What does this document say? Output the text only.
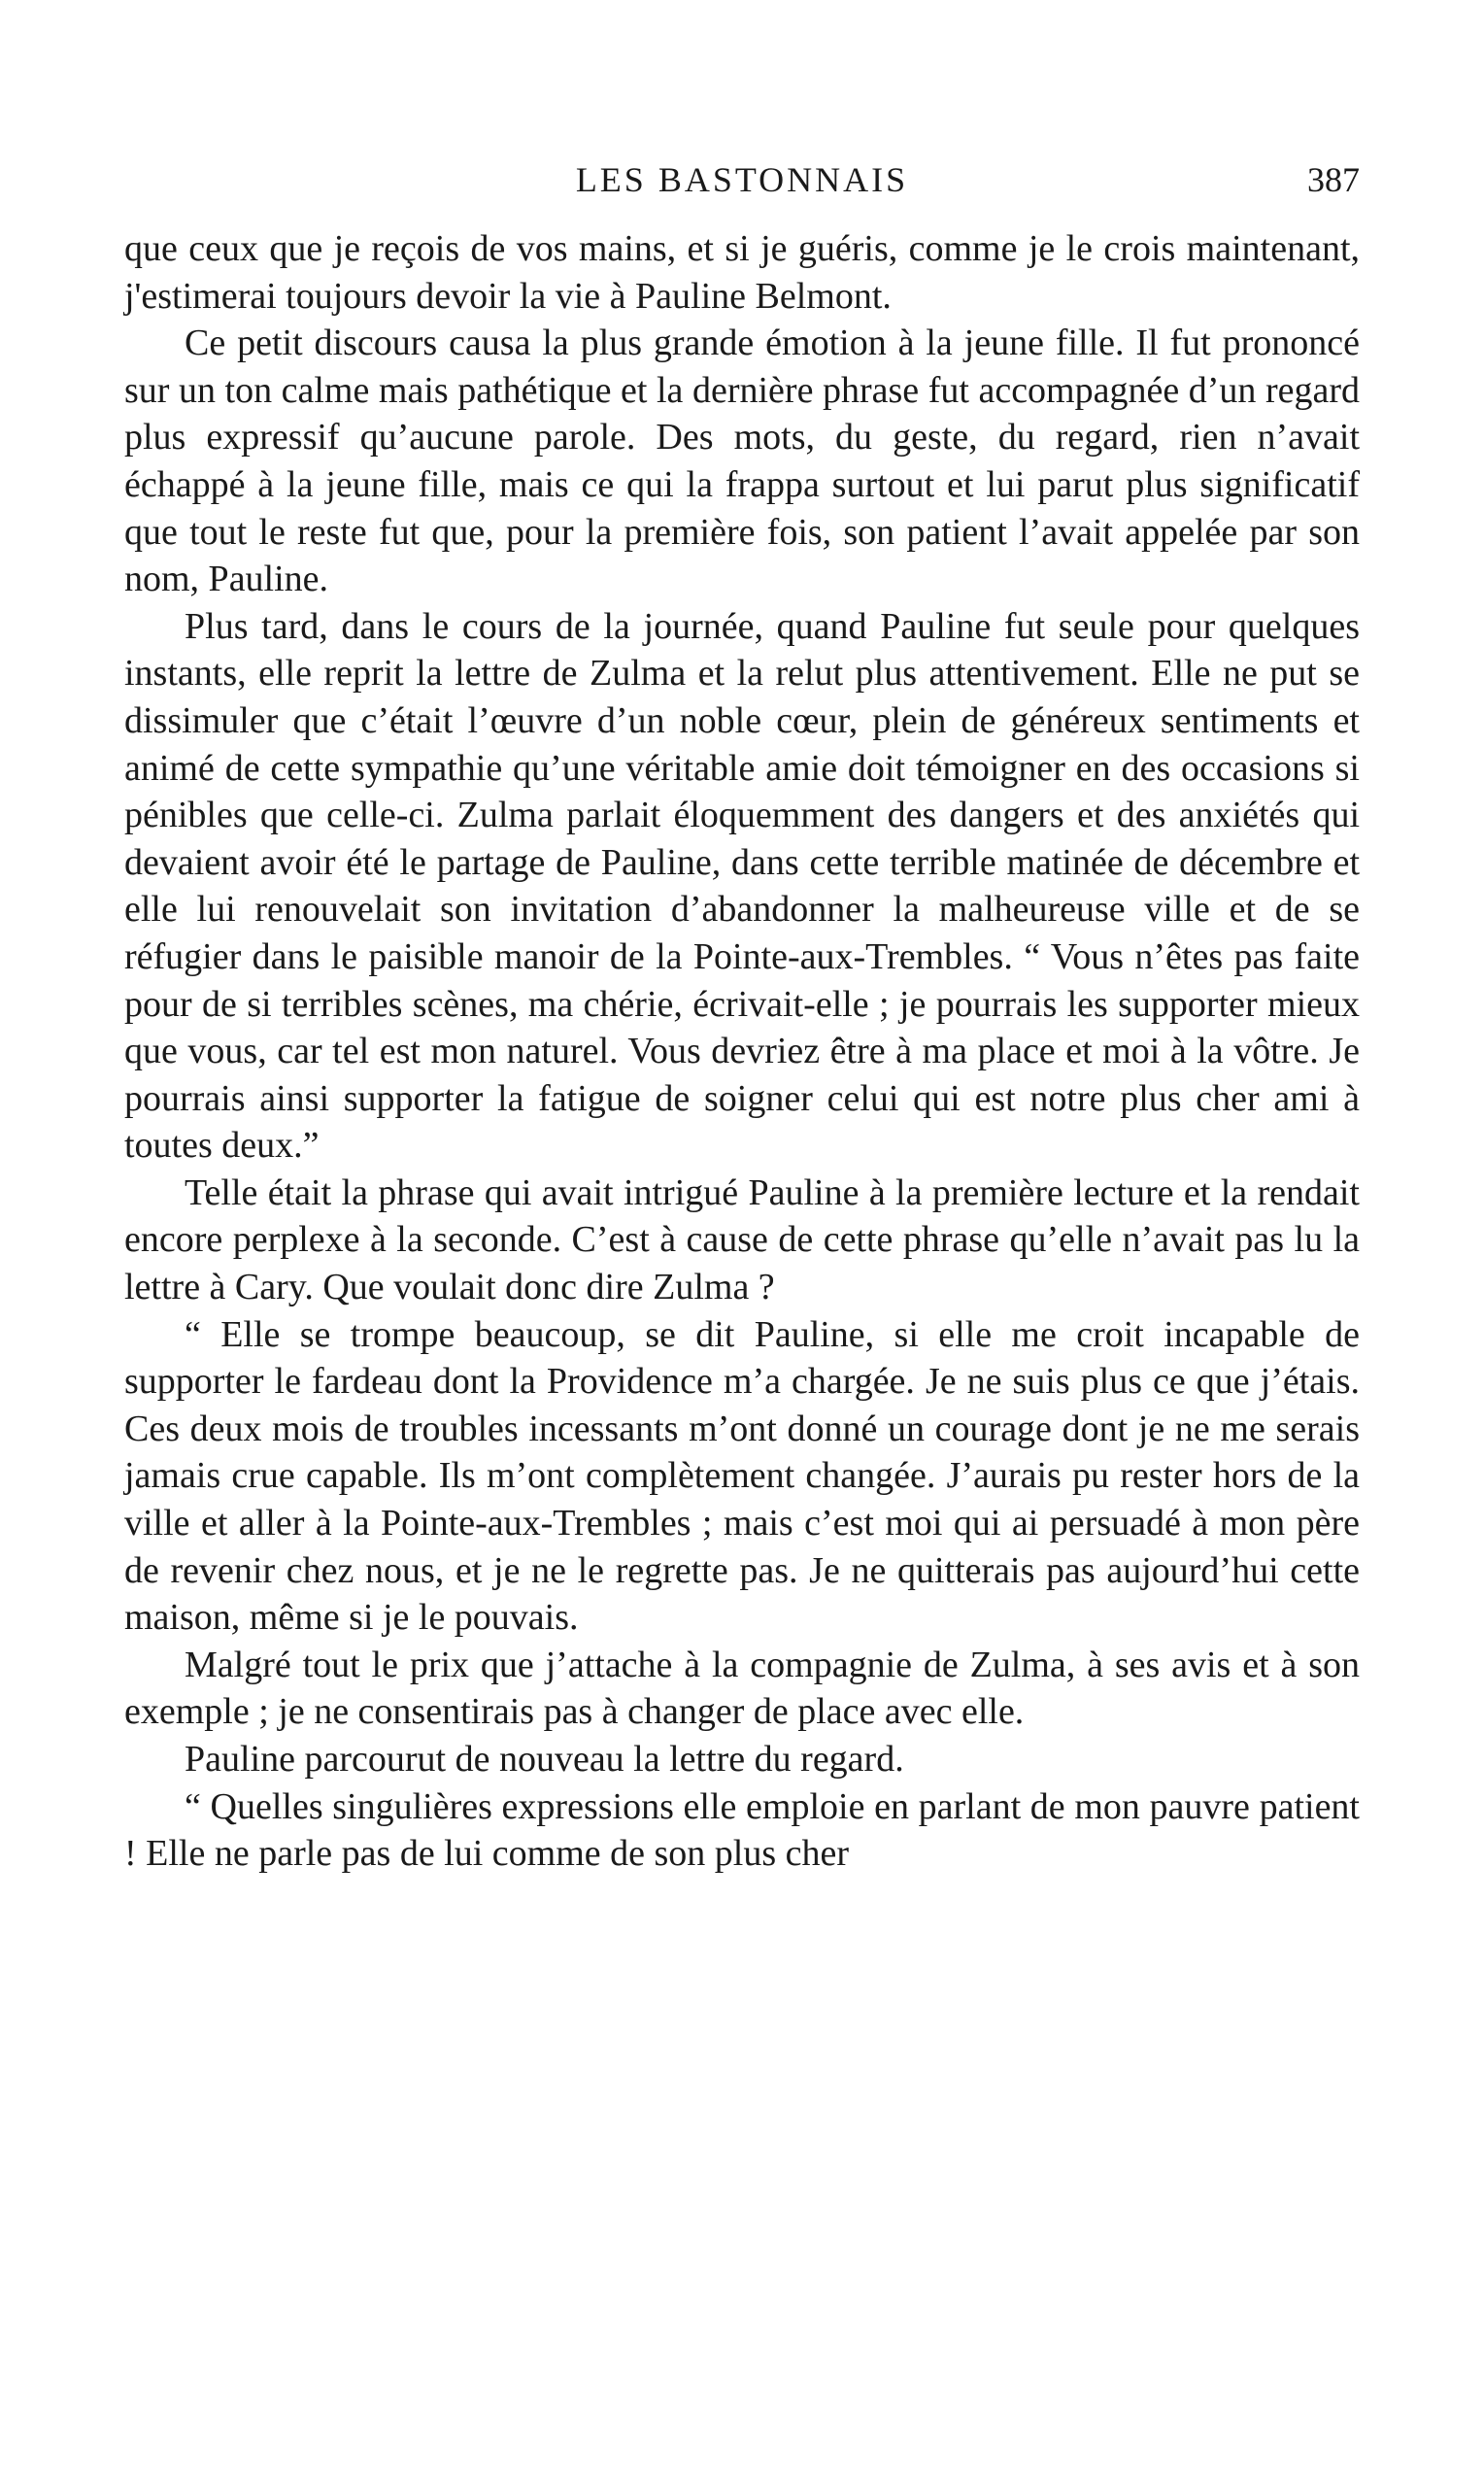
LES BASTONNAIS	387

que ceux que je reçois de vos mains, et si je guéris, comme je le crois maintenant, j'estimerai toujours devoir la vie à Pauline Belmont.

Ce petit discours causa la plus grande émotion à la jeune fille. Il fut prononcé sur un ton calme mais pathétique et la dernière phrase fut accompagnée d’un regard plus expressif qu’aucune parole. Des mots, du geste, du regard, rien n’avait échappé à la jeune fille, mais ce qui la frappa surtout et lui parut plus significatif que tout le reste fut que, pour la première fois, son patient l’avait appelée par son nom, Pauline.

Plus tard, dans le cours de la journée, quand Pauline fut seule pour quelques instants, elle reprit la lettre de Zulma et la relut plus attentivement. Elle ne put se dissimuler que c’était l’œuvre d’un noble cœur, plein de généreux sentiments et animé de cette sympathie qu’une véritable amie doit témoigner en des occasions si pénibles que celle-ci. Zulma parlait éloquemment des dangers et des anxiétés qui devaient avoir été le partage de Pauline, dans cette terrible matinée de décembre et elle lui renouvelait son invitation d’abandonner la malheureuse ville et de se réfugier dans le paisible manoir de la Pointe-aux-Trembles. “ Vous n’êtes pas faite pour de si terribles scènes, ma chérie, écrivait-elle ; je pourrais les supporter mieux que vous, car tel est mon naturel. Vous devriez être à ma place et moi à la vôtre. Je pourrais ainsi supporter la fatigue de soigner celui qui est notre plus cher ami à toutes deux.”

Telle était la phrase qui avait intrigué Pauline à la première lecture et la rendait encore perplexe à la seconde. C’est à cause de cette phrase qu’elle n’avait pas lu la lettre à Cary. Que voulait donc dire Zulma ?

“ Elle se trompe beaucoup, se dit Pauline, si elle me croit incapable de supporter le fardeau dont la Providence m’a chargée. Je ne suis plus ce que j’étais. Ces deux mois de troubles incessants m’ont donné un courage dont je ne me serais jamais crue capable. Ils m’ont complètement changée. J’aurais pu rester hors de la ville et aller à la Pointe-aux-Trembles ; mais c’est moi qui ai persuadé à mon père de revenir chez nous, et je ne le regrette pas. Je ne quitterais pas aujourd’hui cette maison, même si je le pouvais.

Malgré tout le prix que j’attache à la compagnie de Zulma, à ses avis et à son exemple ; je ne consentirais pas à changer de place avec elle.

Pauline parcourut de nouveau la lettre du regard.

“ Quelles singulières expressions elle emploie en parlant de mon pauvre patient ! Elle ne parle pas de lui comme de son plus cher
